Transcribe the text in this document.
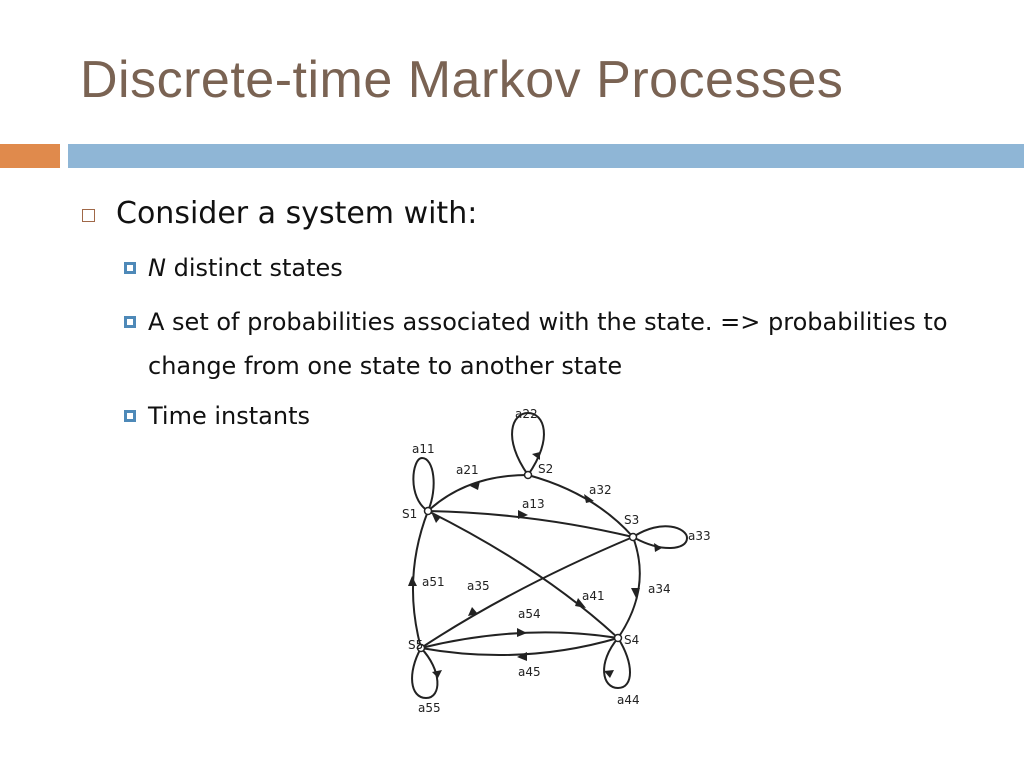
Discrete-time Markov Processes
Consider a system with:
N distinct states
A set of probabilities associated with the state. => probabilities to change from one state to another state
Time instants
S1
S2
S3
S4
S5
a11
a21
a22
a13
a32
a33
a51 a35
a41	a34
a54
a45
a44
a55
